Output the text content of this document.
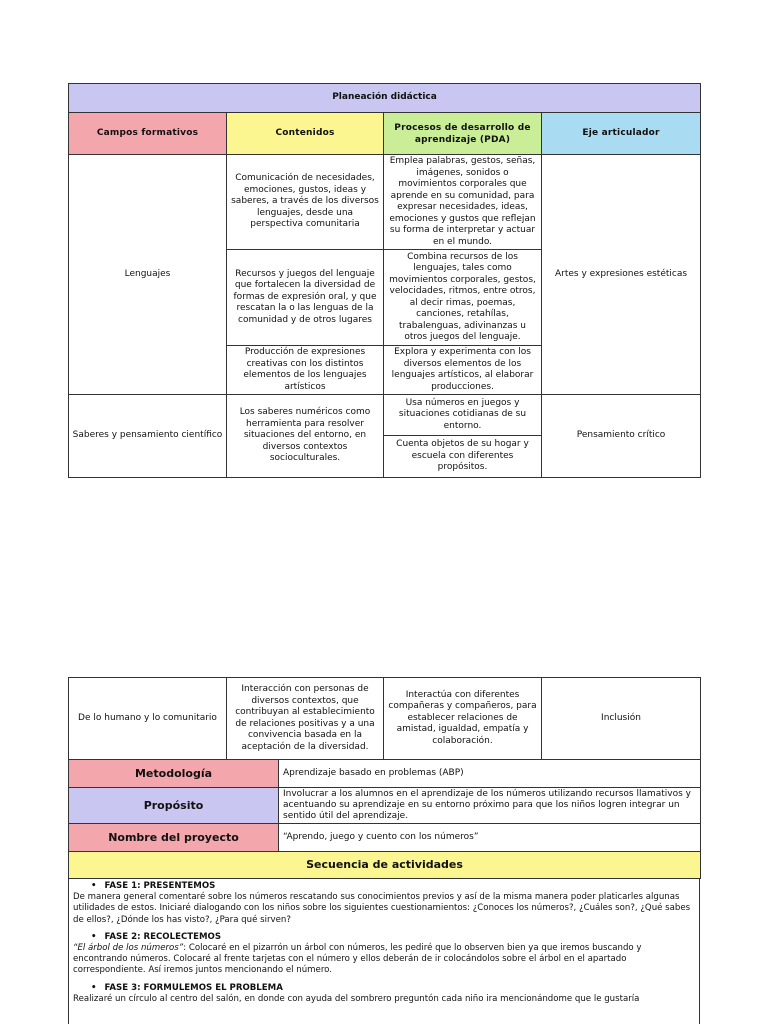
Planeación didáctica			
Campos formativos	Contenidos	Procesos de desarrollo de aprendizaje (PDA)	Eje articulador
Lenguajes	Comunicación de necesidades, emociones, gustos, ideas y saberes, a través de los diversos lenguajes, desde una perspectiva comunitaria	Emplea palabras, gestos, señas, imágenes, sonidos o movimientos corporales que aprende en su comunidad, para expresar necesidades, ideas, emociones y gustos que reflejan su forma de interpretar y actuar en el mundo.	Artes y expresiones estéticas
	Recursos y juegos del lenguaje que fortalecen la diversidad de formas de expresión oral, y que rescatan la o las lenguas de la comunidad y de otros lugares	Combina recursos de los lenguajes, tales como movimientos corporales, gestos, velocidades, ritmos, entre otros, al decir rimas, poemas, canciones, retahílas, trabalenguas, adivinanzas u otros juegos del lenguaje.	
	Producción de expresiones creativas con los distintos elementos de los lenguajes artísticos	Explora y experimenta con los diversos elementos de los lenguajes artísticos, al elaborar producciones.	
Saberes y pensamiento científico	Los saberes numéricos como herramienta para resolver situaciones del entorno, en diversos contextos socioculturales.	Usa números en juegos y situaciones cotidianas de su entorno.	Pensamiento crítico
		Cuenta objetos de su hogar y escuela con diferentes propósitos.	
De lo humano y lo comunitario	Interacción con personas de diversos contextos, que contribuyan al establecimiento de relaciones positivas y a una convivencia basada en la aceptación de la diversidad.		Interactúa con diferentes compañeras y compañeros, para establecer relaciones de amistad, igualdad, empatía y colaboración.	Inclusión
Metodología		Aprendizaje basado en problemas (ABP)		
Propósito		Involucrar a los alumnos en el aprendizaje de los números utilizando recursos llamativos y acentuando su aprendizaje en su entorno próximo para que los niños logren integrar un sentido útil del aprendizaje.		
Nombre del proyecto		“Aprendo, juego y cuento con los números”		
Secuencia de actividades				
• FASE 1: PRESENTEMOS

De manera general comentaré sobre los números rescatando sus conocimientos previos y así de la misma manera poder platicarles algunas utilidades de estos. Iniciaré dialogando con los niños sobre los siguientes cuestionamientos: ¿Conoces los números?, ¿Cuáles son?, ¿Qué sabes de ellos?, ¿Dónde los has visto?, ¿Para qué sirven?

• FASE 2: RECOLECTEMOS

“El árbol de los números”: Colocaré en el pizarrón un árbol con números, les pediré que lo observen bien ya que iremos buscando y encontrando números. Colocaré al frente tarjetas con el número y ellos deberán de ir colocándolos sobre el árbol en el apartado correspondiente. Así iremos juntos mencionando el número.

• FASE 3: FORMULEMOS EL PROBLEMA

Realizaré un círculo al centro del salón, en donde con ayuda del sombrero preguntón cada niño ira mencionándome que le gustaría
